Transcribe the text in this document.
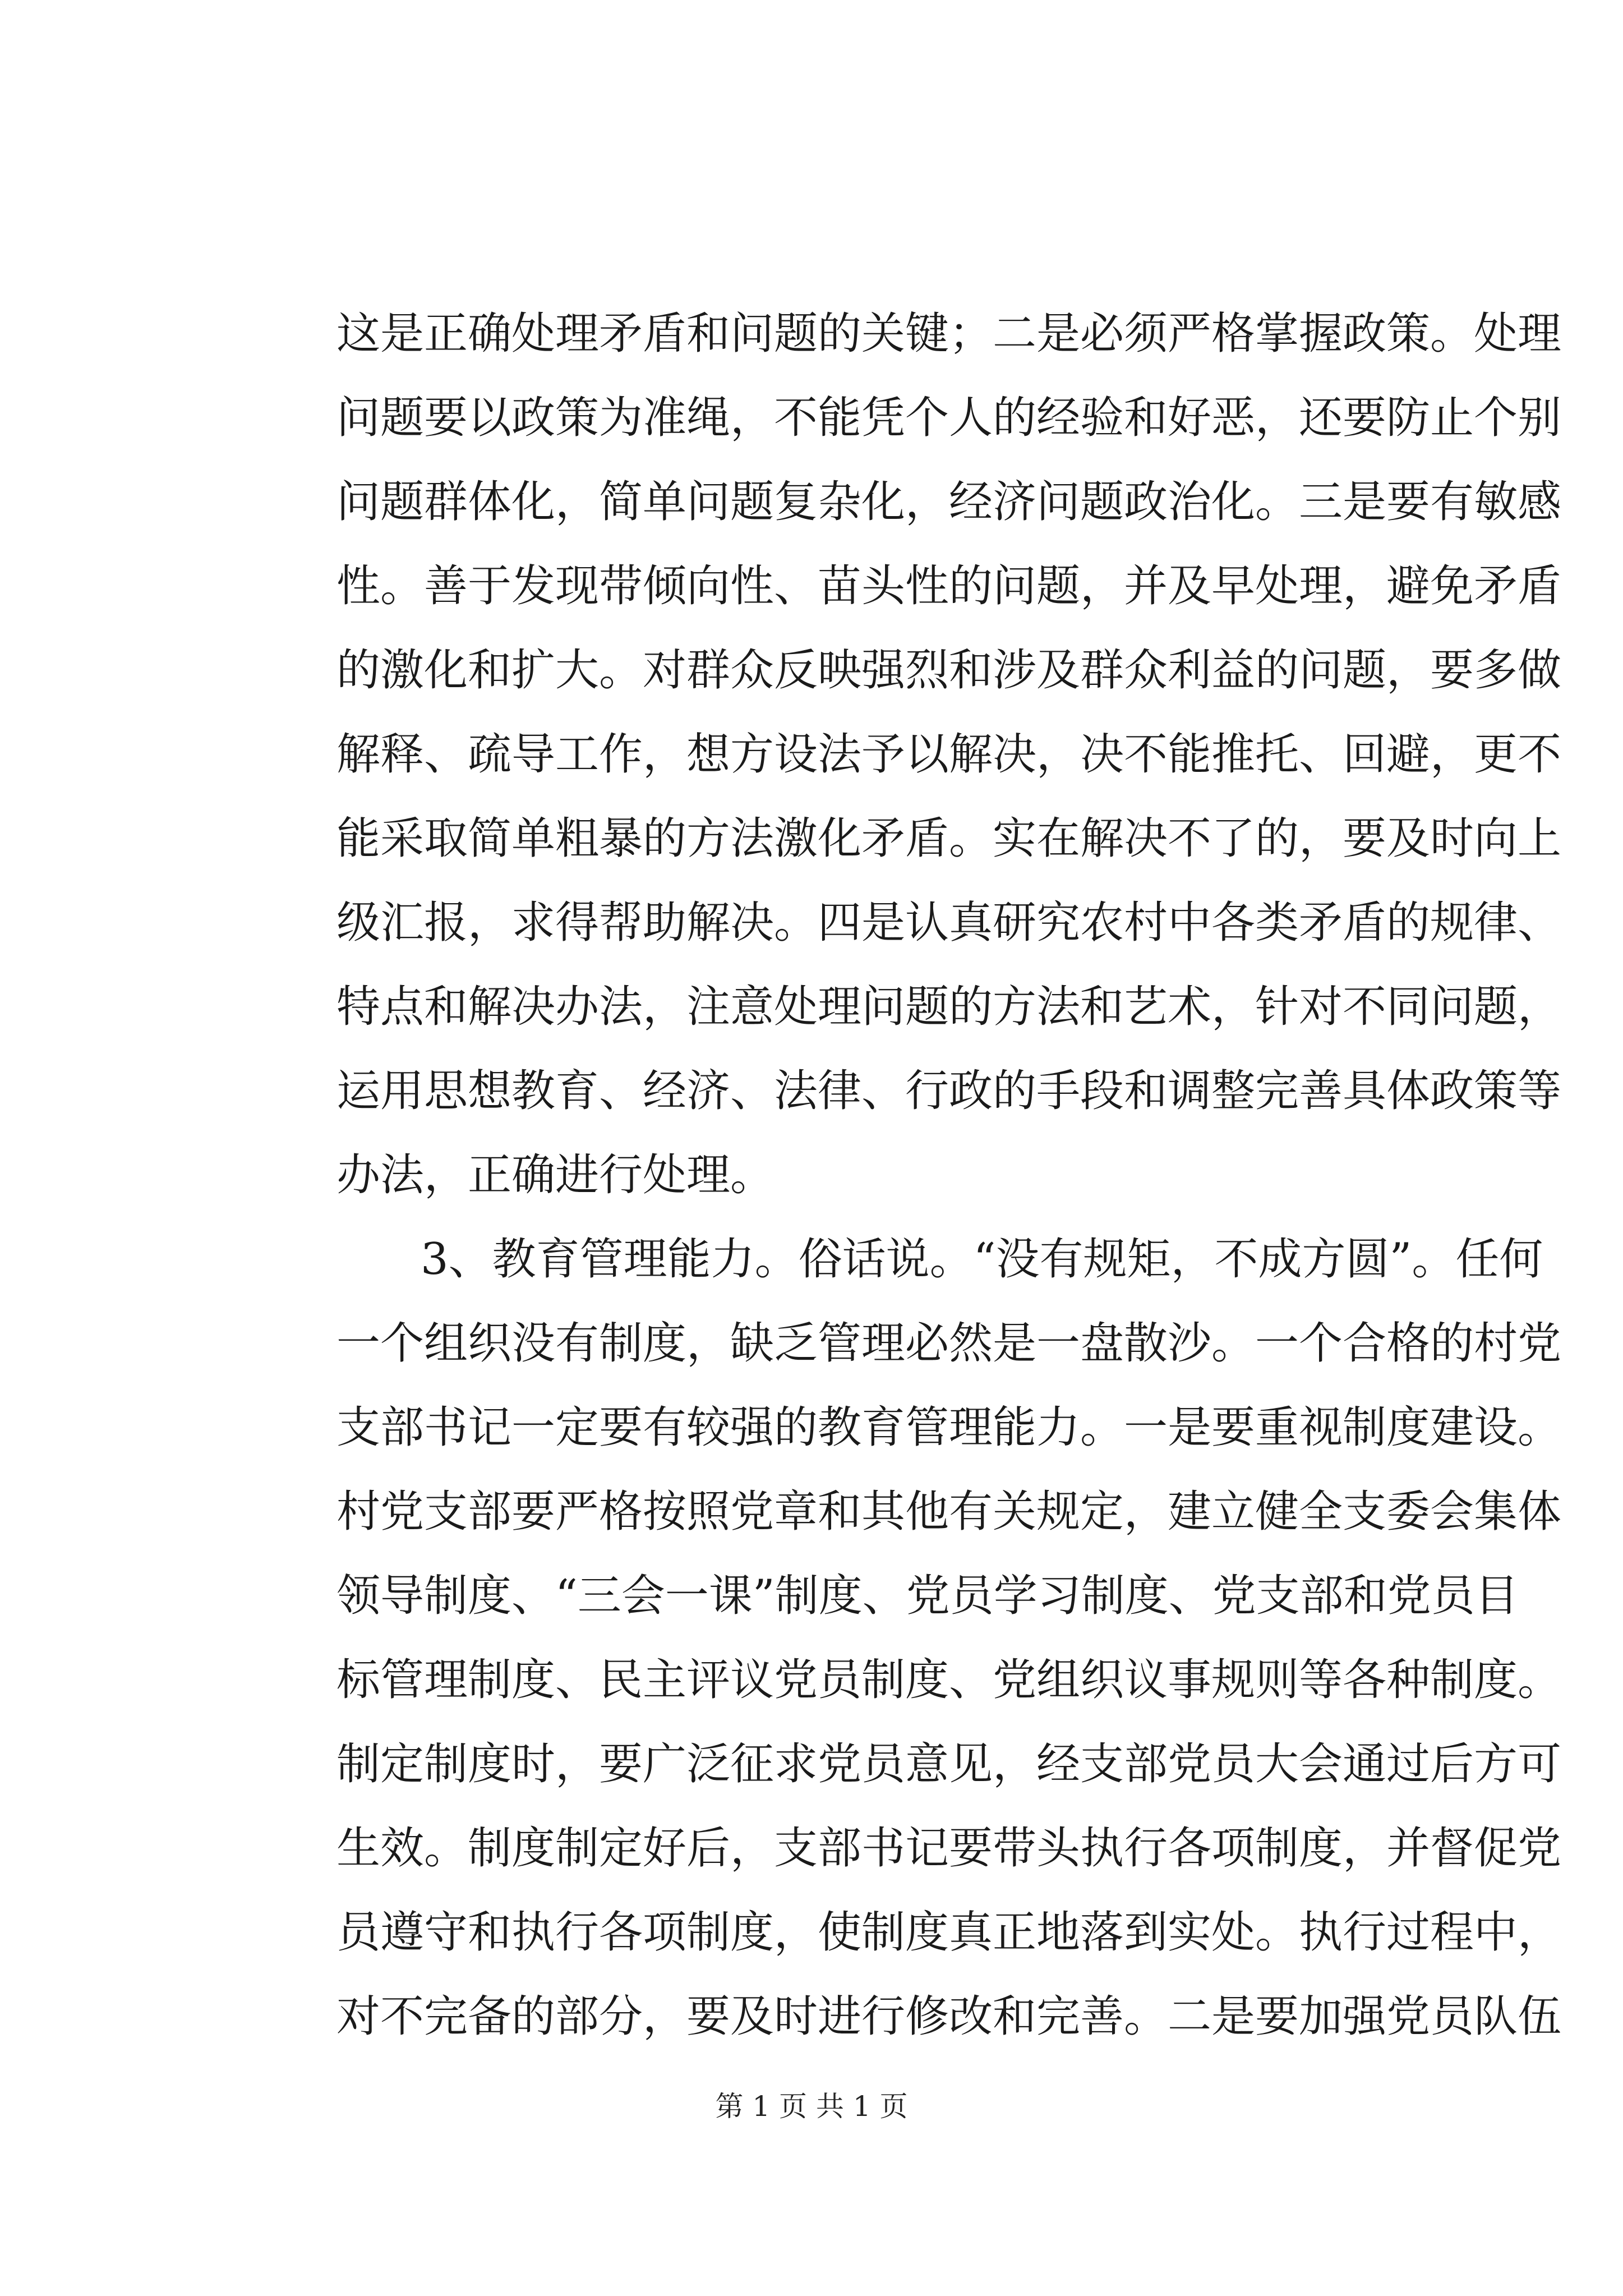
这是正确处理矛盾和问题的关键；二是必须严格掌握政策。处理
问题要以政策为准绳，不能凭个人的经验和好恶，还要防止个别
问题群体化，简单问题复杂化，经济问题政治化。三是要有敏感
性。善于发现带倾向性、苗头性的问题，并及早处理，避免矛盾
的激化和扩大。对群众反映强烈和涉及群众利益的问题，要多做
解释、疏导工作，想方设法予以解决，决不能推托、回避，更不
能采取简单粗暴的方法激化矛盾。实在解决不了的，要及时向上
级汇报，求得帮助解决。四是认真研究农村中各类矛盾的规律、
特点和解决办法，注意处理问题的方法和艺术，针对不同问题，
运用思想教育、经济、法律、行政的手段和调整完善具体政策等
办法，正确进行处理。
3、教育管理能力。俗话说。“没有规矩，不成方圆”。任何
一个组织没有制度，缺乏管理必然是一盘散沙。一个合格的村党
支部书记一定要有较强的教育管理能力。一是要重视制度建设。
村党支部要严格按照党章和其他有关规定，建立健全支委会集体
领导制度、“三会一课”制度、党员学习制度、党支部和党员目
标管理制度、民主评议党员制度、党组织议事规则等各种制度。
制定制度时，要广泛征求党员意见，经支部党员大会通过后方可
生效。制度制定好后，支部书记要带头执行各项制度，并督促党
员遵守和执行各项制度，使制度真正地落到实处。执行过程中，
对不完备的部分，要及时进行修改和完善。二是要加强党员队伍
第 1 页 共 1 页
